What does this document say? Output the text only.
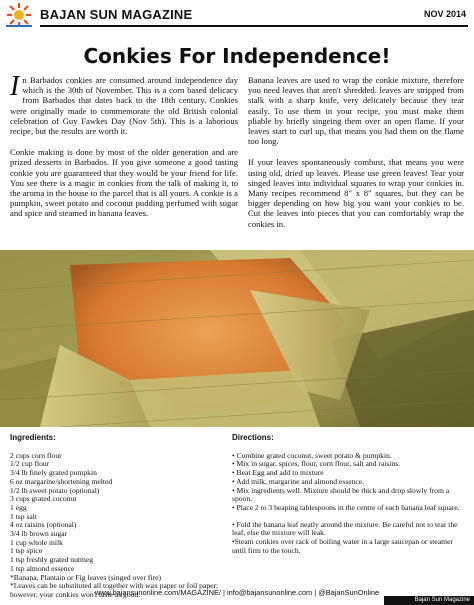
BAJAN SUN MAGAZINE	NOV 2014
Conkies For Independence!

In Barbados conkies are consumed around independence day which is the 30th of November. This is a corn based delicacy from Barbados that dates back to the 18th century. Conkies were originally made to commemorate the old British colonial celebration of Guy Fawkes Day (Nov 5th). This is a laborious recipe, but the results are worth it.

Conkie making is done by most of the older generation and are prized desserts in Barbados. If you give someone a good tasting conkie you are guaranteed that they would be your friend for life. You see there is a magic in conkies from the talk of making it, to the aroma in the house to the parcel that is all yours. A conkie is a pumpkin, sweet potato and coconut pudding perfumed with sugar and spice and steamed in banana leaves.

Banana leaves are used to wrap the conkie mixture, therefore you need leaves that aren't shredded. leaves are stripped from stalk with a sharp knife, very delicately because they tear easily. To use them in your recipe, you must make them pliable by briefly singeing them over an open flame. If your leaves start to curl up, that means you had them on the flame too long.

If your leaves spontaneously combust, that means you were using old, dried up leaves. Please use green leaves! Tear your singed leaves into individual squares to wrap your conkies in. Many recipes recommend 8" x 8" squares, but they can be bigger depending on how big you want your conkies to be. Cut the leaves into pieces that you can comfortably wrap the conkies in.

Ingredients:
2 cups corn flour
1/2 cup flour
3/4 lb finely grated pumpkin
6 oz margarine/shortening melted
1/2 lb sweet potato (optional)
3 cups grated coconut
1 egg
1 tsp salt
4 oz raisins (optional)
3/4 lb brown sugar
1 cup whole milk
1 tsp spice
1 tsp freshly grated nutmeg
1 tsp almond essence
*Banana, Plantain or Fig leaves (singed over fire)
*Leaves can be substituted all together with wax paper or foil paper; however, your conkies won't taste as good.
Directions:
• Combine grated coconut, sweet potato & pumpkin.
• Mix in sugar, spices, flour, corn flour, salt and raisins.
• Beat Egg and add to mixture
• Add milk, margarine and almond essence.
• Mix ingredients well. Mixture should be thick and drop slowly from a spoon.
• Place 2 to 3 heaping tablespoons in the centre of each banana leaf square.
• Fold the banana leaf neatly around the mixture. Be careful not to tear the leaf, else the mixture will leak.
•Steam conkies over rack of boiling water in a large saucepan or steamer until firm to the touch.
www.bajansunonline.com/MAGAZINE/ | info@bajansunonline.com | @BajanSunOnline
Bajan Sun Magazine
